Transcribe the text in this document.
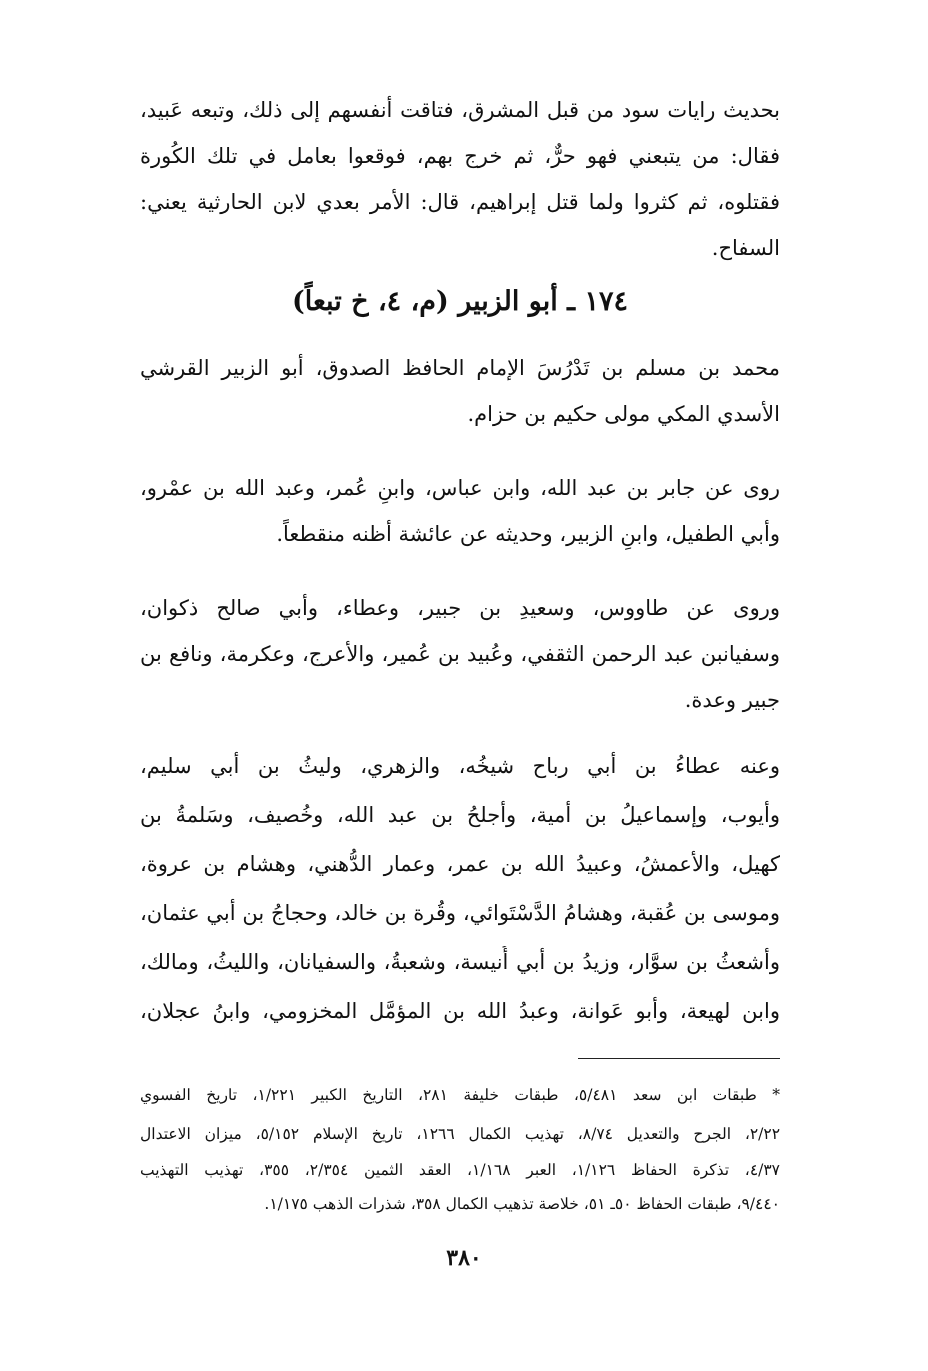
بحديث رايات سود من قبل المشرق، فتاقت أنفسهم إلى ذلك، وتبعه عَبيد،
فقال: من يتبعني فهو حرٌّ، ثم خرج بهم، فوقعوا بعامل في تلك الكُورة
فقتلوه، ثم كثروا ولما قتل إبراهيم، قال: الأمر بعدي لابن الحارثية يعني:
السفاح.
١٧٤ ـ أبو الزبير (م، ٤، خ تبعاً)
محمد بن مسلم بن تَدْرُسَ الإمام الحافظ الصدوق، أبو الزبير القرشي
الأسدي المكي مولى حكيم بن حزام.
روى عن جابر بن عبد الله، وابن عباس، وابنِ عُمر، وعبد الله بن عمْرو،
وأبي الطفيل، وابنِ الزبير، وحديثه عن عائشة أظنه منقطعاً.
وروى عن طاووس، وسعيدِ بن جبير، وعطاء، وأبي صالح ذكوان،
وسفيانبن عبد الرحمن الثقفي، وعُبيد بن عُمير، والأعرج، وعكرمة، ونافع بن
جبير وعدة.
وعنه عطاءُ بن أبي رباح شيخُه، والزهري، وليثُ بن أبي سليم،
وأيوب، وإسماعيلُ بن أمية، وأجلحُ بن عبد الله، وخُصيف، وسَلمةُ بن
كهيل، والأعمشُ، وعبيدُ الله بن عمر، وعمار الدُّهني، وهشام بن عروة،
وموسى بن عُقبة، وهشامُ الدَّسْتَوائي، وقُرة بن خالد، وحجاجُ بن أبي عثمان،
وأشعثُ بن سوَّار، وزيدُ بن أبي أُنيسة، وشعبةُ، والسفيانان، والليثُ، ومالك،
وابن لهيعة، وأبو عَوانة، وعبدُ الله بن المؤمَّل المخزومي، وابنُ عجلان،
* طبقات ابن سعد ٥/٤٨١، طبقات خليفة ٢٨١، التاريخ الكبير ١/٢٢١، تاريخ الفسوي
٢/٢٢، الجرح والتعديل ٨/٧٤، تهذيب الكمال ١٢٦٦، تاريخ الإسلام ٥/١٥٢، ميزان الاعتدال
٤/٣٧، تذكرة الحفاظ ١/١٢٦، العبر ١/١٦٨، العقد الثمين ٢/٣٥٤، ٣٥٥، تهذيب التهذيب
٩/٤٤٠، طبقات الحفاظ ٥٠ـ ٥١، خلاصة تذهيب الكمال ٣٥٨، شذرات الذهب ١/١٧٥.
٣٨٠
